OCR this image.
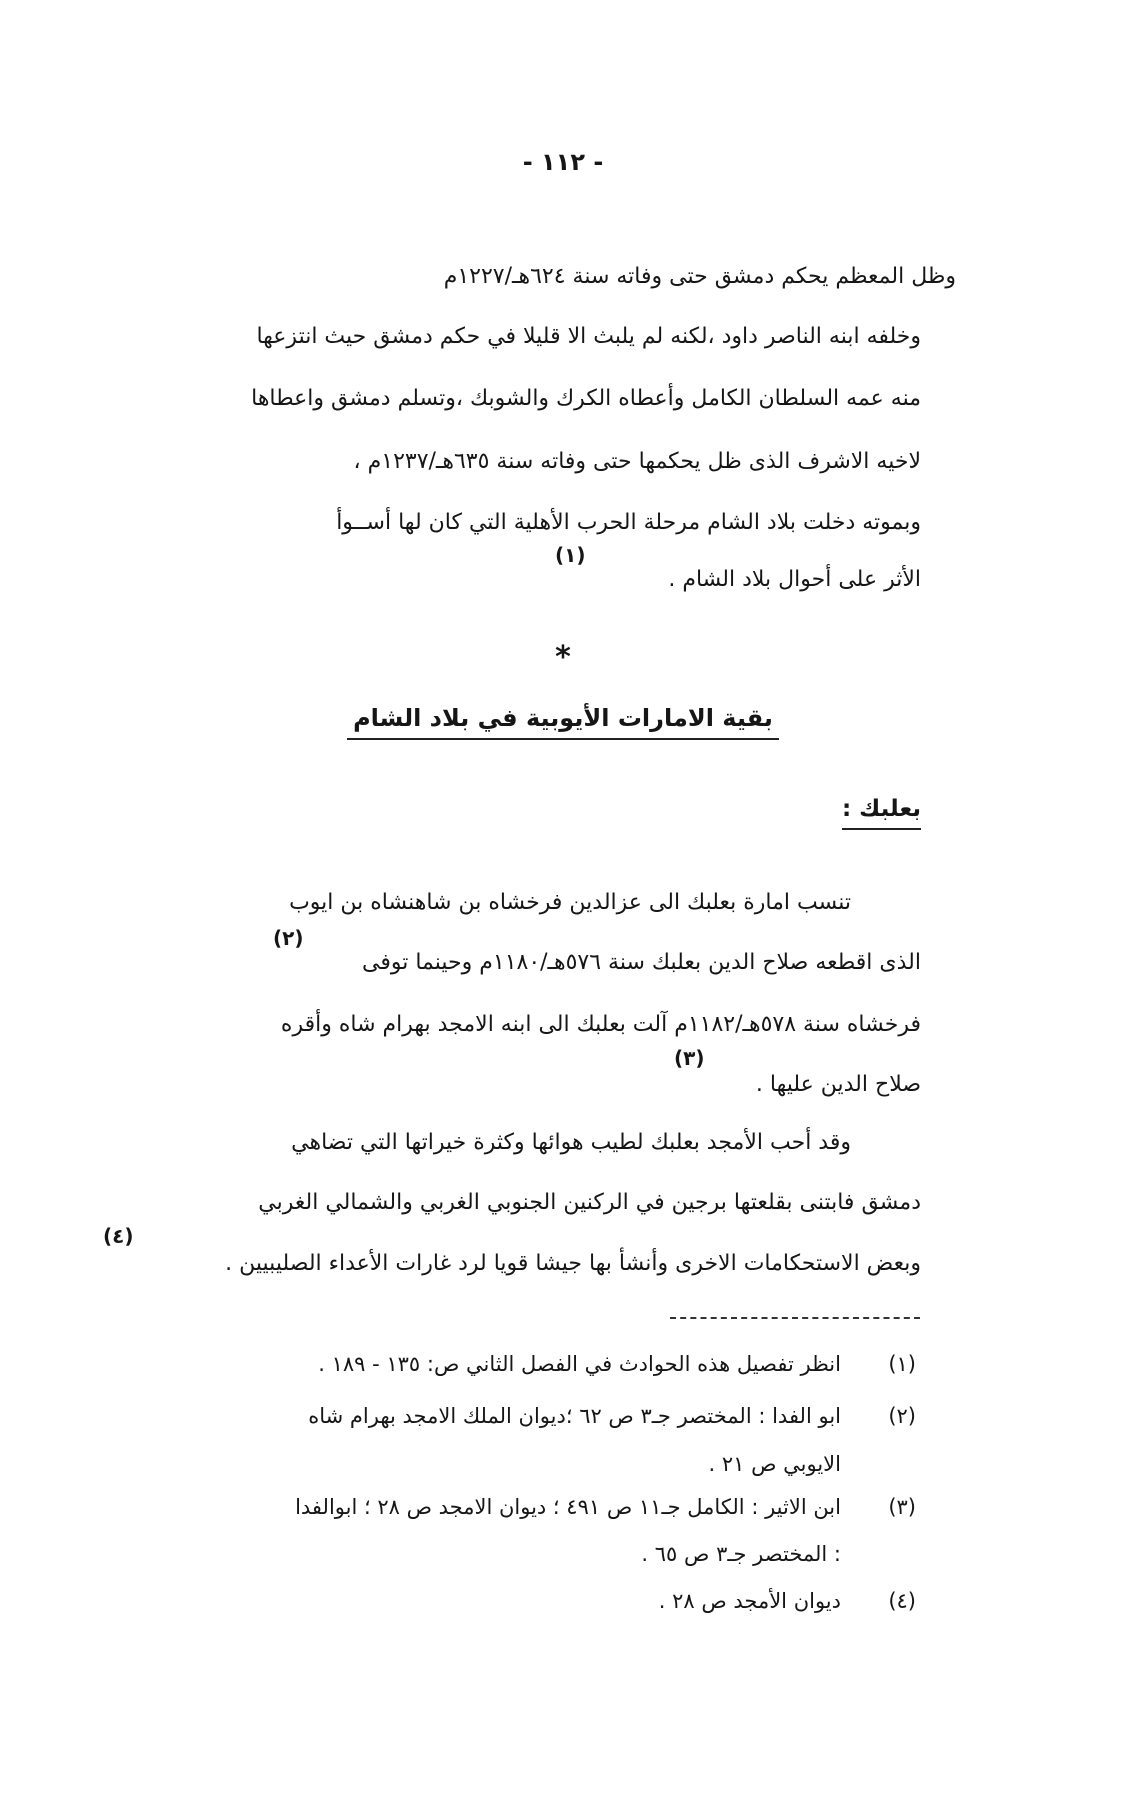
- ١١٢ -
وظل المعظم يحكم دمشق حتى وفاته سنة ٦٢٤هـ/١٢٢٧م
وخلفه ابنه الناصر داود ،لكنه لم يلبث الا قليلا في حكم دمشق حيث انتزعها
منه عمه السلطان الكامل وأعطاه الكرك والشوبك ،وتسلم دمشق واعطاها
لاخيه الاشرف الذى ظل يحكمها حتى وفاته سنة ٦٣٥هـ/١٢٣٧م ،
وبموته دخلت بلاد الشام مرحلة الحرب الأهلية التي كان لها أســوأ
الأثر على أحوال بلاد الشام .
(١)
*
بقية الامارات الأيوبية في بلاد الشام
بعلبك :
تنسب امارة بعلبك الى عزالدين فرخشاه بن شاهنشاه بن ايوب
الذى اقطعه صلاح الدين بعلبك سنة ٥٧٦هـ/١١٨٠م وحينما توفى
فرخشاه سنة ٥٧٨هـ/١١٨٢م آلت بعلبك الى ابنه الامجد بهرام شاه وأقره
صلاح الدين عليها .
(٢)
(٣)
وقد أحب الأمجد بعلبك لطيب هوائها وكثرة خيراتها التي تضاهي
دمشق فابتنى بقلعتها برجين في الركنين الجنوبي الغربي والشمالي الغربي
وبعض الاستحكامات الاخرى وأنشأ بها جيشا قويا لرد غارات الأعداء الصليبيين .
(٤)
(١)
انظر تفصيل هذه الحوادث في الفصل الثاني ص: ١٣٥ - ١٨٩ .
(٢)
ابو الفدا : المختصر جـ٣ ص ٦٢ ؛ديوان الملك الامجد بهرام شاه
الايوبي ص ٢١ .
(٣)
ابن الاثير : الكامل جـ١١ ص ٤٩١ ؛ ديوان الامجد ص ٢٨ ؛ ابوالفدا
: المختصر جـ٣ ص ٦٥ .
(٤)
ديوان الأمجد ص ٢٨ .
